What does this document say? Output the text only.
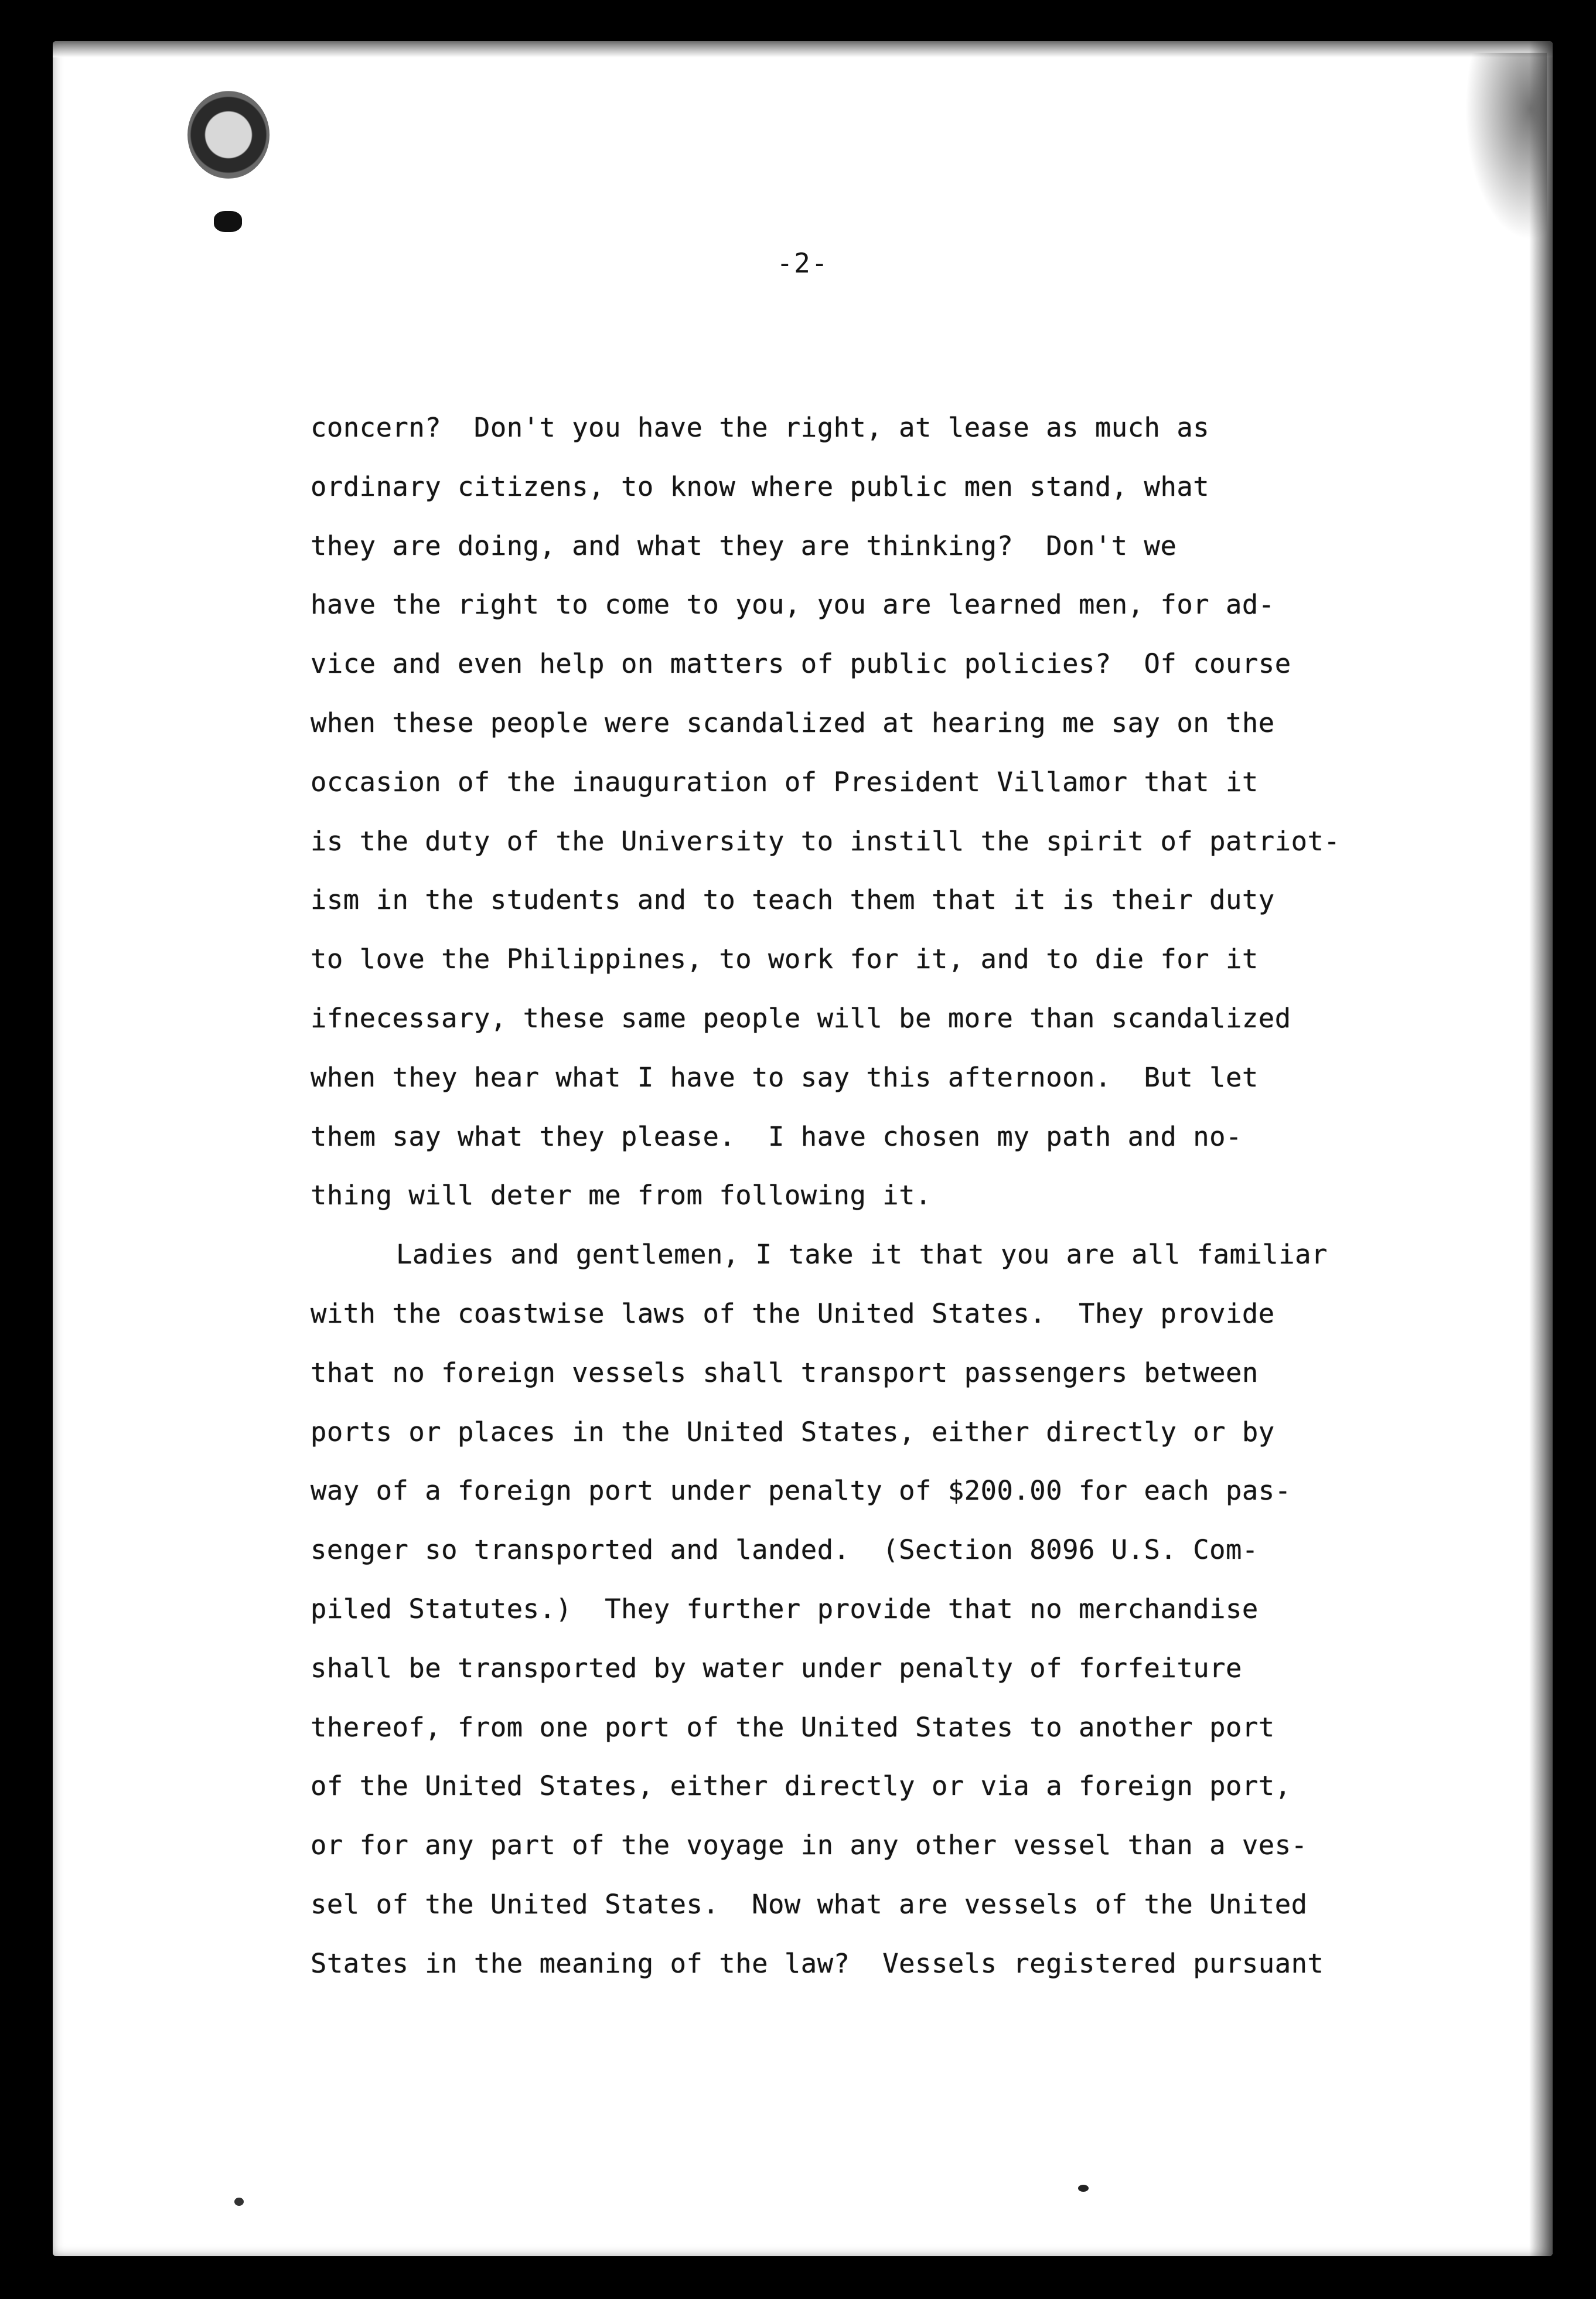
-2-
concern?  Don't you have the right, at lease as much as
ordinary citizens, to know where public men stand, what
they are doing, and what they are thinking?  Don't we
have the right to come to you, you are learned men, for ad-
vice and even help on matters of public policies?  Of course
when these people were scandalized at hearing me say on the
occasion of the inauguration of President Villamor that it
is the duty of the University to instill the spirit of patriot-
ism in the students and to teach them that it is their duty
to love the Philippines, to work for it, and to die for it
ifnecessary, these same people will be more than scandalized
when they hear what I have to say this afternoon.  But let
them say what they please.  I have chosen my path and no-
thing will deter me from following it.
Ladies and gentlemen, I take it that you are all familiar
with the coastwise laws of the United States.  They provide
that no foreign vessels shall transport passengers between
ports or places in the United States, either directly or by
way of a foreign port under penalty of $200.00 for each pas-
senger so transported and landed.  (Section 8096 U.S. Com-
piled Statutes.)  They further provide that no merchandise
shall be transported by water under penalty of forfeiture
thereof, from one port of the United States to another port
of the United States, either directly or via a foreign port,
or for any part of the voyage in any other vessel than a ves-
sel of the United States.  Now what are vessels of the United
States in the meaning of the law?  Vessels registered pursuant
